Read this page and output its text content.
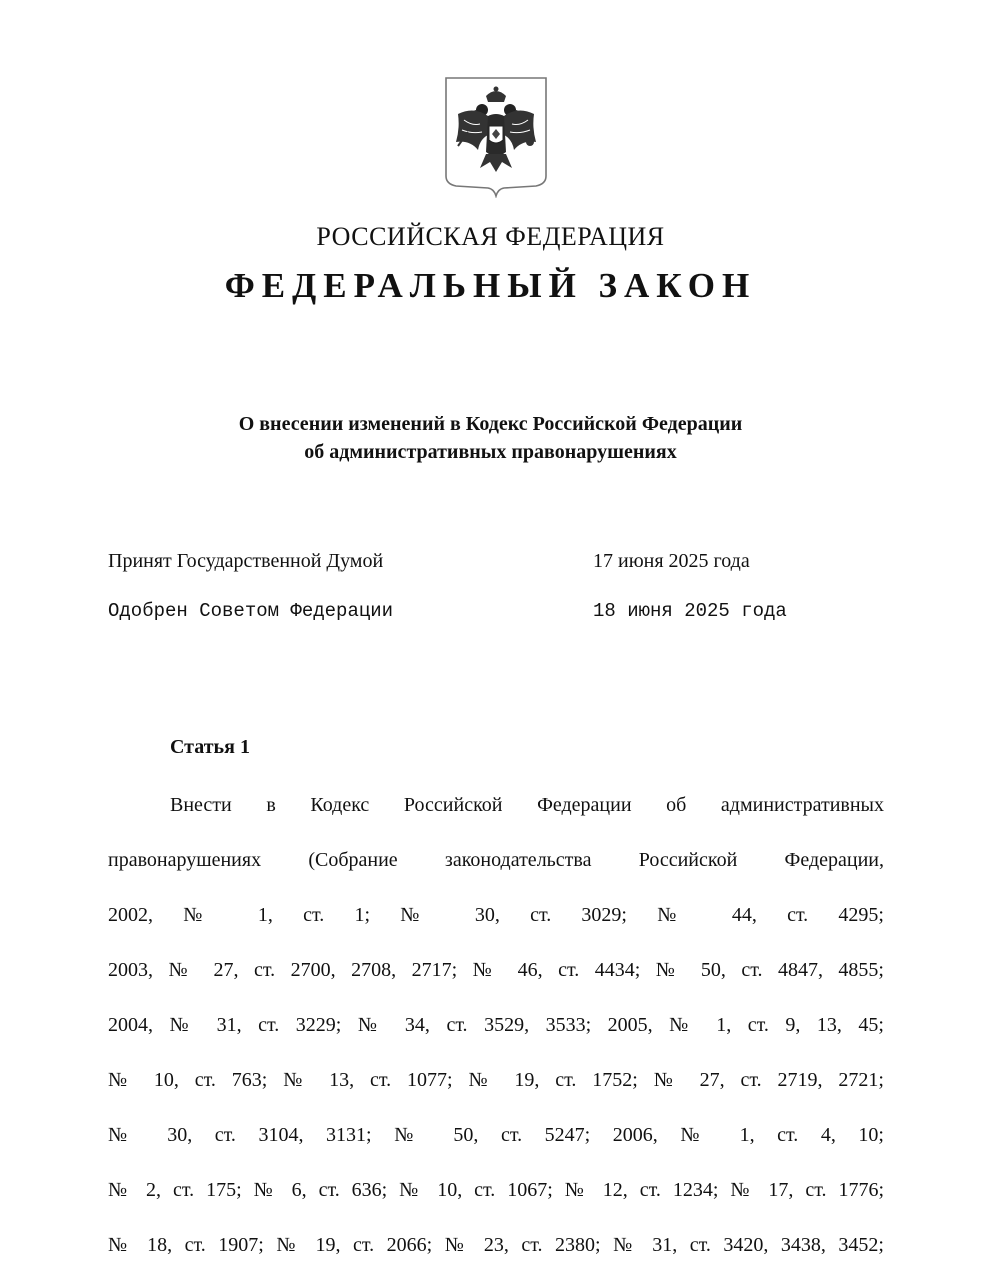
РОССИЙСКАЯ ФЕДЕРАЦИЯ
ФЕДЕРАЛЬНЫЙ ЗАКОН
О внесении изменений в Кодекс Российской Федерации
об административных правонарушениях
Принят Государственной Думой	17 июня 2025 года
Одобрен Советом Федерации	18 июня 2025 года
Статья 1
Внести в Кодекс Российской Федерации об административных
правонарушениях (Собрание законодательства Российской Федерации,
2002, № 1, ст. 1; № 30, ст. 3029; № 44, ст. 4295;
2003, № 27, ст. 2700, 2708, 2717; № 46, ст. 4434; № 50, ст. 4847, 4855;
2004, № 31, ст. 3229; № 34, ст. 3529, 3533; 2005, № 1, ст. 9, 13, 45;
№ 10, ст. 763; № 13, ст. 1077; № 19, ст. 1752; № 27, ст. 2719, 2721;
№ 30, ст. 3104, 3131; № 50, ст. 5247; 2006, № 1, ст. 4, 10;
№ 2, ст. 175; № 6, ст. 636; № 10, ст. 1067; № 12, ст. 1234; № 17, ст. 1776;
№ 18, ст. 1907; № 19, ст. 2066; № 23, ст. 2380; № 31, ст. 3420, 3438, 3452;
